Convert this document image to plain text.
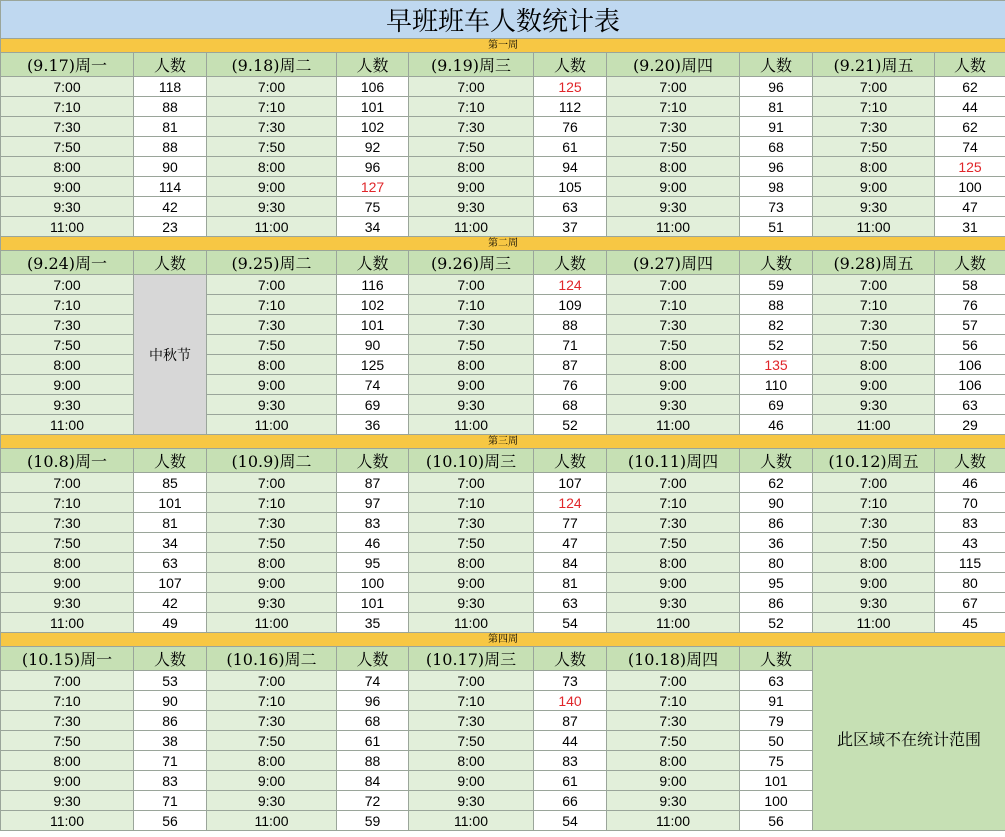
早班班车人数统计表									
第一周									
(9.17)周一	人数	(9.18)周二	人数	(9.19)周三	人数	(9.20)周四	人数	(9.21)周五	人数
7:00	118	7:00	106	7:00	125	7:00	96	7:00	62
7:10	88	7:10	101	7:10	112	7:10	81	7:10	44
7:30	81	7:30	102	7:30	76	7:30	91	7:30	62
7:50	88	7:50	92	7:50	61	7:50	68	7:50	74
8:00	90	8:00	96	8:00	94	8:00	96	8:00	125
9:00	114	9:00	127	9:00	105	9:00	98	9:00	100
9:30	42	9:30	75	9:30	63	9:30	73	9:30	47
11:00	23	11:00	34	11:00	37	11:00	51	11:00	31
第二周									
(9.24)周一	人数	(9.25)周二	人数	(9.26)周三	人数	(9.27)周四	人数	(9.28)周五	人数
7:00	中秋节	7:00	116	7:00	124	7:00	59	7:00	58
7:10		7:10	102	7:10	109	7:10	88	7:10	76
7:30		7:30	101	7:30	88	7:30	82	7:30	57
7:50		7:50	90	7:50	71	7:50	52	7:50	56
8:00		8:00	125	8:00	87	8:00	135	8:00	106
9:00		9:00	74	9:00	76	9:00	110	9:00	106
9:30		9:30	69	9:30	68	9:30	69	9:30	63
11:00		11:00	36	11:00	52	11:00	46	11:00	29
第三周									
(10.8)周一	人数	(10.9)周二	人数	(10.10)周三	人数	(10.11)周四	人数	(10.12)周五	人数
7:00	85	7:00	87	7:00	107	7:00	62	7:00	46
7:10	101	7:10	97	7:10	124	7:10	90	7:10	70
7:30	81	7:30	83	7:30	77	7:30	86	7:30	83
7:50	34	7:50	46	7:50	47	7:50	36	7:50	43
8:00	63	8:00	95	8:00	84	8:00	80	8:00	115
9:00	107	9:00	100	9:00	81	9:00	95	9:00	80
9:30	42	9:30	101	9:30	63	9:30	86	9:30	67
11:00	49	11:00	35	11:00	54	11:00	52	11:00	45
第四周									
(10.15)周一	人数	(10.16)周二	人数	(10.17)周三	人数	(10.18)周四	人数	此区域不在统计范围	
7:00	53	7:00	74	7:00	73	7:00	63		
7:10	90	7:10	96	7:10	140	7:10	91		
7:30	86	7:30	68	7:30	87	7:30	79		
7:50	38	7:50	61	7:50	44	7:50	50		
8:00	71	8:00	88	8:00	83	8:00	75		
9:00	83	9:00	84	9:00	61	9:00	101		
9:30	71	9:30	72	9:30	66	9:30	100		
11:00	56	11:00	59	11:00	54	11:00	56		
